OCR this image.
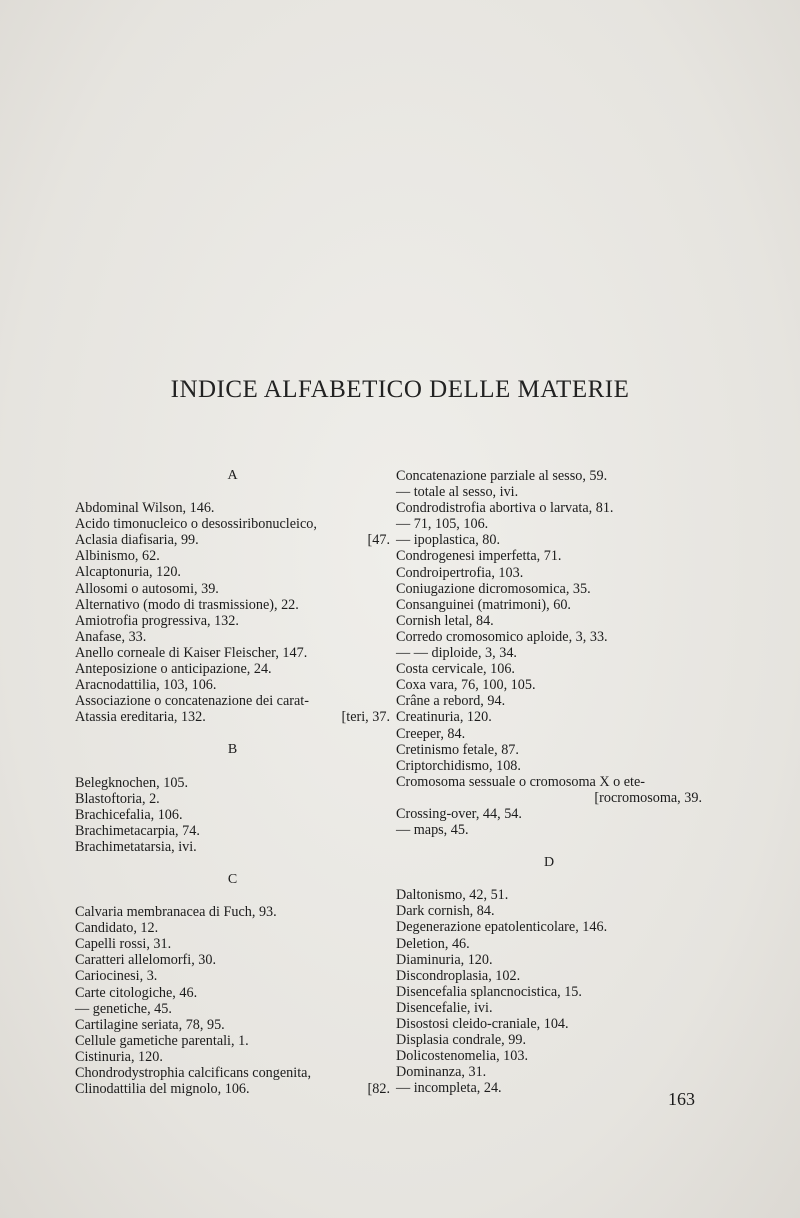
INDICE ALFABETICO DELLE MATERIE
A
Abdominal Wilson, 146.
Acido timonucleico o desossiribonucleico,
Aclasia diafisaria, 99.	[47.
Albinismo, 62.
Alcaptonuria, 120.
Allosomi o autosomi, 39.
Alternativo (modo di trasmissione), 22.
Amiotrofia progressiva, 132.
Anafase, 33.
Anello corneale di Kaiser Fleischer, 147.
Anteposizione o anticipazione, 24.
Aracnodattilia, 103, 106.
Associazione o concatenazione dei carat-
Atassia ereditaria, 132.	[teri, 37.
B
Belegknochen, 105.
Blastoftoria, 2.
Brachicefalia, 106.
Brachimetacarpia, 74.
Brachimetatarsia, ivi.
C
Calvaria membranacea di Fuch, 93.
Candidato, 12.
Capelli rossi, 31.
Caratteri allelomorfi, 30.
Cariocinesi, 3.
Carte citologiche, 46.
— genetiche, 45.
Cartilagine seriata, 78, 95.
Cellule gametiche parentali, 1.
Cistinuria, 120.
Chondrodystrophia calcificans congenita,
Clinodattilia del mignolo, 106.	[82.
Concatenazione parziale al sesso, 59.
— totale al sesso, ivi.
Condrodistrofia abortiva o larvata, 81.
— 71, 105, 106.
— ipoplastica, 80.
Condrogenesi imperfetta, 71.
Condroipertrofia, 103.
Coniugazione dicromosomica, 35.
Consanguinei (matrimoni), 60.
Cornish letal, 84.
Corredo cromosomico aploide, 3, 33.
— — diploide, 3, 34.
Costa cervicale, 106.
Coxa vara, 76, 100, 105.
Crâne a rebord, 94.
Creatinuria, 120.
Creeper, 84.
Cretinismo fetale, 87.
Criptorchidismo, 108.
Cromosoma sessuale o cromosoma X o ete-
[rocromosoma, 39.
Crossing-over, 44, 54.
— maps, 45.
D
Daltonismo, 42, 51.
Dark cornish, 84.
Degenerazione epatolenticolare, 146.
Deletion, 46.
Diaminuria, 120.
Discondroplasia, 102.
Disencefalia splancnocistica, 15.
Disencefalie, ivi.
Disostosi cleido-craniale, 104.
Displasia condrale, 99.
Dolicostenomelia, 103.
Dominanza, 31.
— incompleta, 24.
163
